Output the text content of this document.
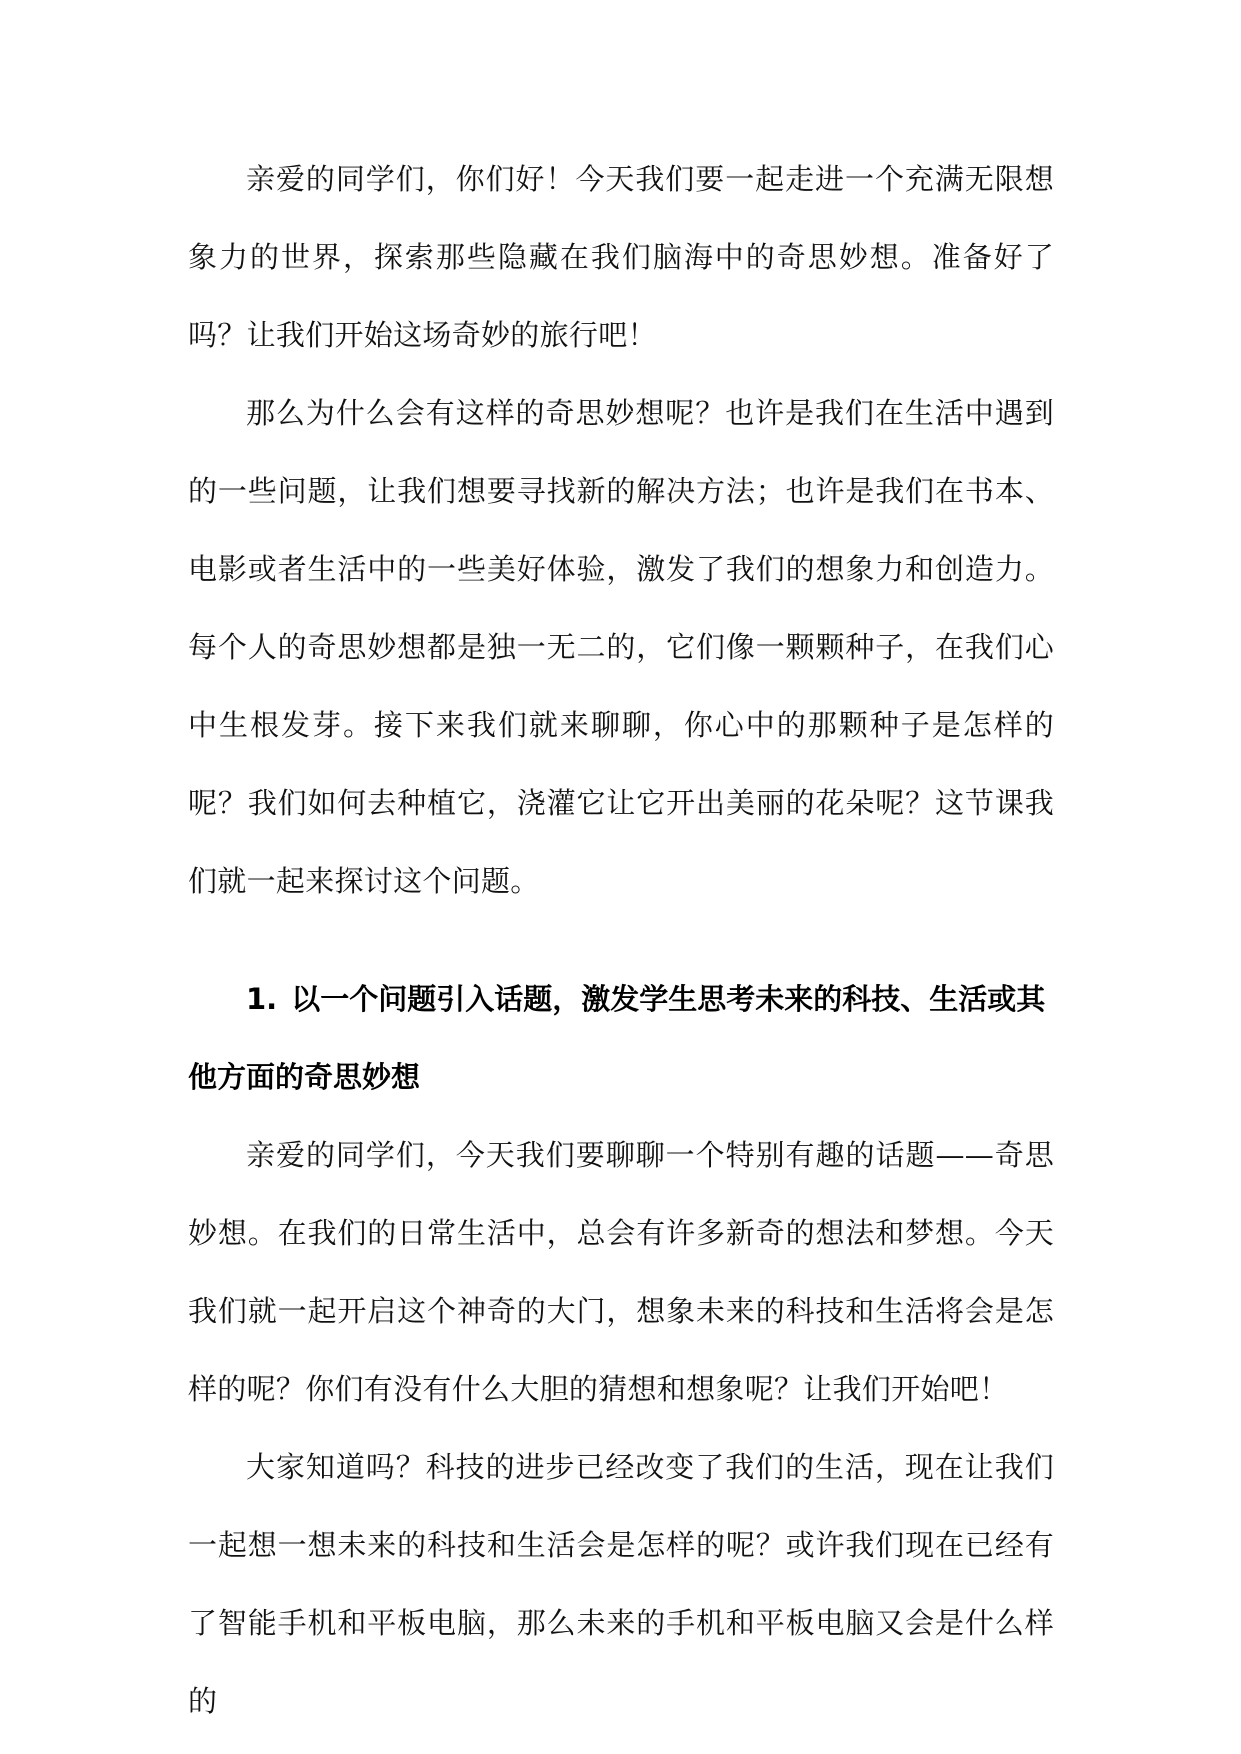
亲爱的同学们，你们好！今天我们要一起走进一个充满无限想象力的世界，探索那些隐藏在我们脑海中的奇思妙想。准备好了吗？让我们开始这场奇妙的旅行吧！

那么为什么会有这样的奇思妙想呢？也许是我们在生活中遇到的一些问题，让我们想要寻找新的解决方法；也许是我们在书本、电影或者生活中的一些美好体验，激发了我们的想象力和创造力。每个人的奇思妙想都是独一无二的，它们像一颗颗种子，在我们心中生根发芽。接下来我们就来聊聊，你心中的那颗种子是怎样的呢？我们如何去种植它，浇灌它让它开出美丽的花朵呢？这节课我们就一起来探讨这个问题。

1. 以一个问题引入话题，激发学生思考未来的科技、生活或其他方面的奇思妙想

亲爱的同学们，今天我们要聊聊一个特别有趣的话题——奇思妙想。在我们的日常生活中，总会有许多新奇的想法和梦想。今天我们就一起开启这个神奇的大门，想象未来的科技和生活将会是怎样的呢？你们有没有什么大胆的猜想和想象呢？让我们开始吧！

大家知道吗？科技的进步已经改变了我们的生活，现在让我们一起想一想未来的科技和生活会是怎样的呢？或许我们现在已经有了智能手机和平板电脑，那么未来的手机和平板电脑又会是什么样的
